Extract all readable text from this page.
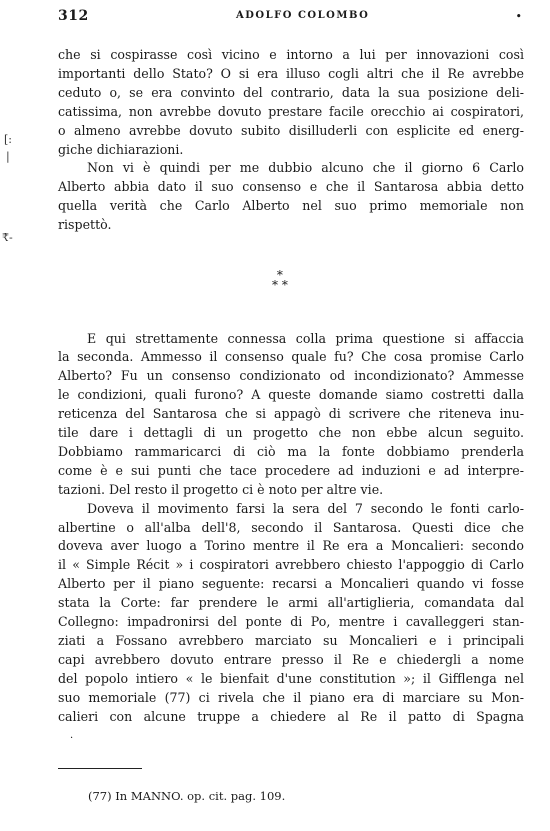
312	ADOLFO COLOMBO	•
[:
|
₹-
che si cospirasse così vicino e intorno a lui per innovazioni così
importanti dello Stato? O si era illuso cogli altri che il Re avrebbe
ceduto o, se era convinto del contrario, data la sua posizione deli-
catissima, non avrebbe dovuto prestare facile orecchio ai cospiratori,
o almeno avrebbe dovuto subito disilluderli con esplicite ed energ-
giche dichiarazioni.
Non vi è quindi per me dubbio alcuno che il giorno 6 Carlo
Alberto abbia dato il suo consenso e che il Santarosa abbia detto
quella verità che Carlo Alberto nel suo primo memoriale non
rispettò.
E qui strettamente connessa colla prima questione si affaccia
la seconda. Ammesso il consenso quale fu? Che cosa promise Carlo
Alberto? Fu un consenso condizionato od incondizionato? Ammesse
le condizioni, quali furono? A queste domande siamo costretti dalla
reticenza del Santarosa che si appagò di scrivere che riteneva inu-
tile dare i dettagli di un progetto che non ebbe alcun seguito.
Dobbiamo rammaricarci di ciò ma la fonte dobbiamo prenderla
come è e sui punti che tace procedere ad induzioni e ad interpre-
tazioni. Del resto il progetto ci è noto per altre vie.
Doveva il movimento farsi la sera del 7 secondo le fonti carlo-
albertine o all'alba dell'8, secondo il Santarosa. Questi dice che
doveva aver luogo a Torino mentre il Re era a Moncalieri: secondo
il « Simple Récit » i cospiratori avrebbero chiesto l'appoggio di Carlo
Alberto per il piano seguente: recarsi a Moncalieri quando vi fosse
stata la Corte: far prendere le armi all'artiglieria, comandata dal
Collegno: impadronirsi del ponte di Po, mentre i cavalleggeri stan-
ziati a Fossano avrebbero marciato su Moncalieri e i principali
capi avrebbero dovuto entrare presso il Re e chiedergli a nome
del popolo intiero « le bienfait d'une constitution »; il Gifflenga nel
suo memoriale (77) ci rivela che il piano era di marciare su Mon-
calieri con alcune truppe a chiedere al Re il patto di Spagna
*
* *
·
(77) In MANNO. op. cit. pag. 109.
